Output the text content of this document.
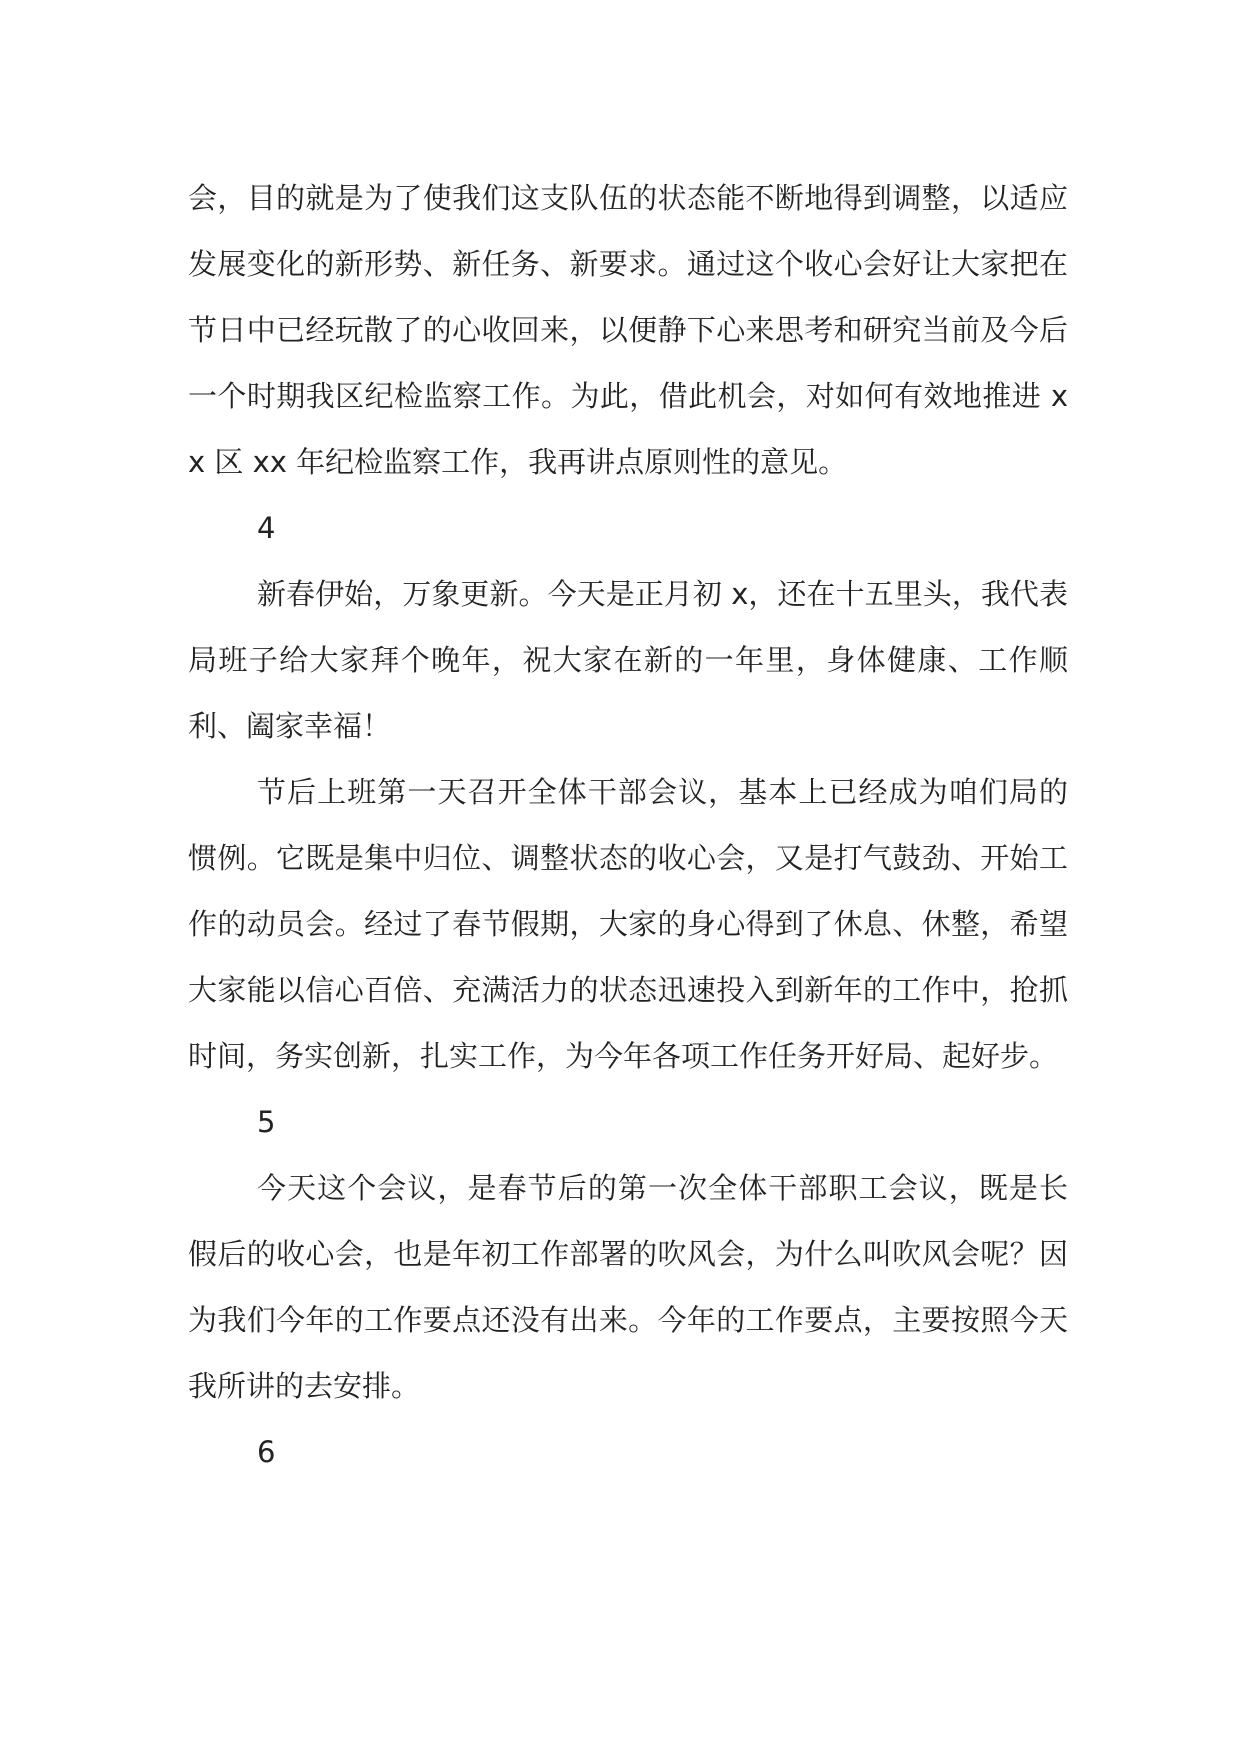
会，目的就是为了使我们这支队伍的状态能不断地得到调整，以适应发展变化的新形势、新任务、新要求。通过这个收心会好让大家把在节日中已经玩散了的心收回来，以便静下心来思考和研究当前及今后一个时期我区纪检监察工作。为此，借此机会，对如何有效地推进 xx 区 xx 年纪检监察工作，我再讲点原则性的意见。

4

新春伊始，万象更新。今天是正月初 x，还在十五里头，我代表局班子给大家拜个晚年，祝大家在新的一年里，身体健康、工作顺利、阖家幸福！

节后上班第一天召开全体干部会议，基本上已经成为咱们局的惯例。它既是集中归位、调整状态的收心会，又是打气鼓劲、开始工作的动员会。经过了春节假期，大家的身心得到了休息、休整，希望大家能以信心百倍、充满活力的状态迅速投入到新年的工作中，抢抓时间，务实创新，扎实工作，为今年各项工作任务开好局、起好步。

5

今天这个会议，是春节后的第一次全体干部职工会议，既是长假后的收心会，也是年初工作部署的吹风会，为什么叫吹风会呢？因为我们今年的工作要点还没有出来。今年的工作要点，主要按照今天我所讲的去安排。

6
